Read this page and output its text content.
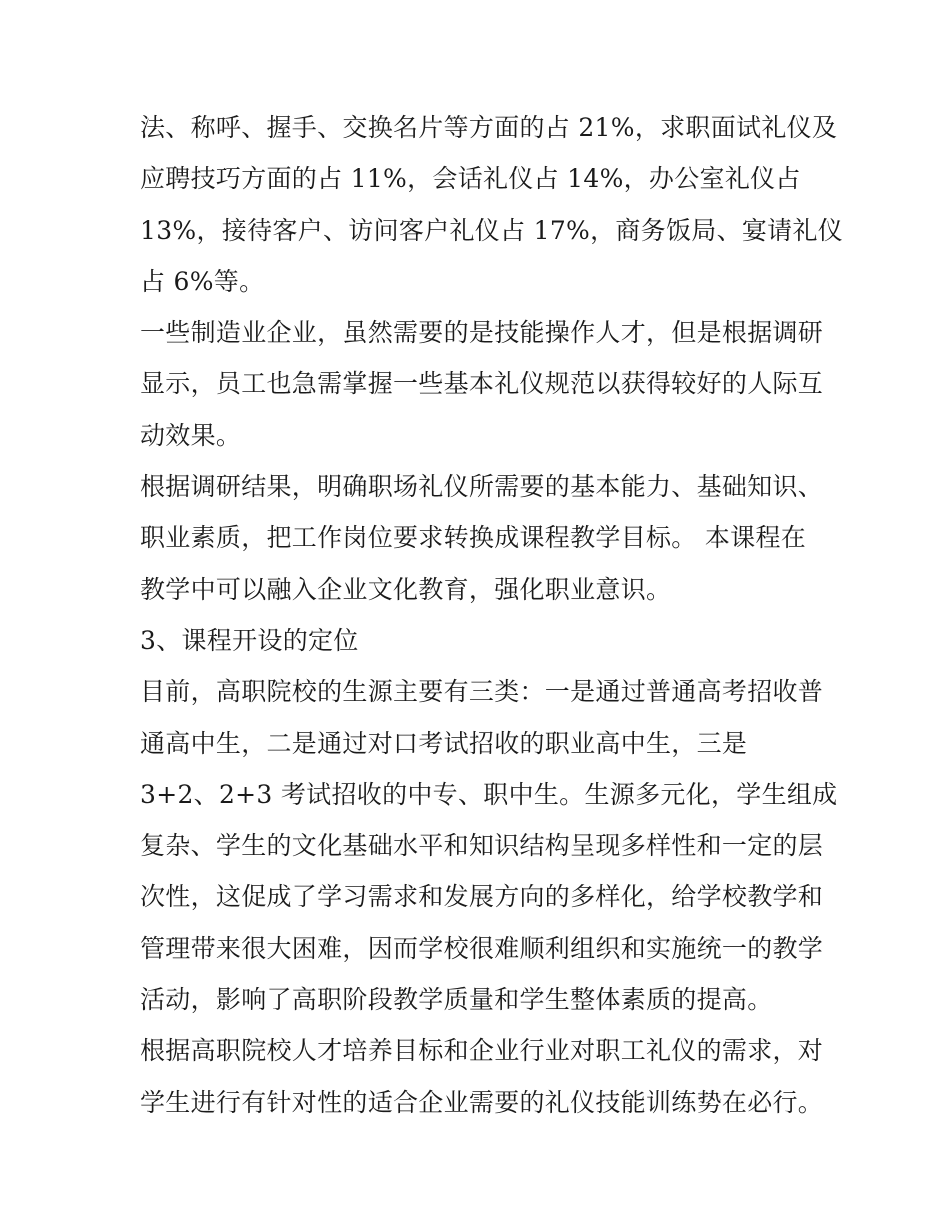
法、称呼、握手、交换名片等方面的占 21%，求职面试礼仪及
应聘技巧方面的占 11%，会话礼仪占 14%，办公室礼仪占
13%，接待客户、访问客户礼仪占 17%，商务饭局、宴请礼仪
占 6%等。
一些制造业企业，虽然需要的是技能操作人才，但是根据调研
显示，员工也急需掌握一些基本礼仪规范以获得较好的人际互
动效果。
根据调研结果，明确职场礼仪所需要的基本能力、基础知识、
职业素质，把工作岗位要求转换成课程教学目标。 本课程在
教学中可以融入企业文化教育，强化职业意识。
3、课程开设的定位
目前，高职院校的生源主要有三类：一是通过普通高考招收普
通高中生，二是通过对口考试招收的职业高中生，三是
3+2、2+3 考试招收的中专、职中生。生源多元化，学生组成
复杂、学生的文化基础水平和知识结构呈现多样性和一定的层
次性，这促成了学习需求和发展方向的多样化，给学校教学和
管理带来很大困难，因而学校很难顺利组织和实施统一的教学
活动，影响了高职阶段教学质量和学生整体素质的提高。
根据高职院校人才培养目标和企业行业对职工礼仪的需求，对
学生进行有针对性的适合企业需要的礼仪技能训练势在必行。
